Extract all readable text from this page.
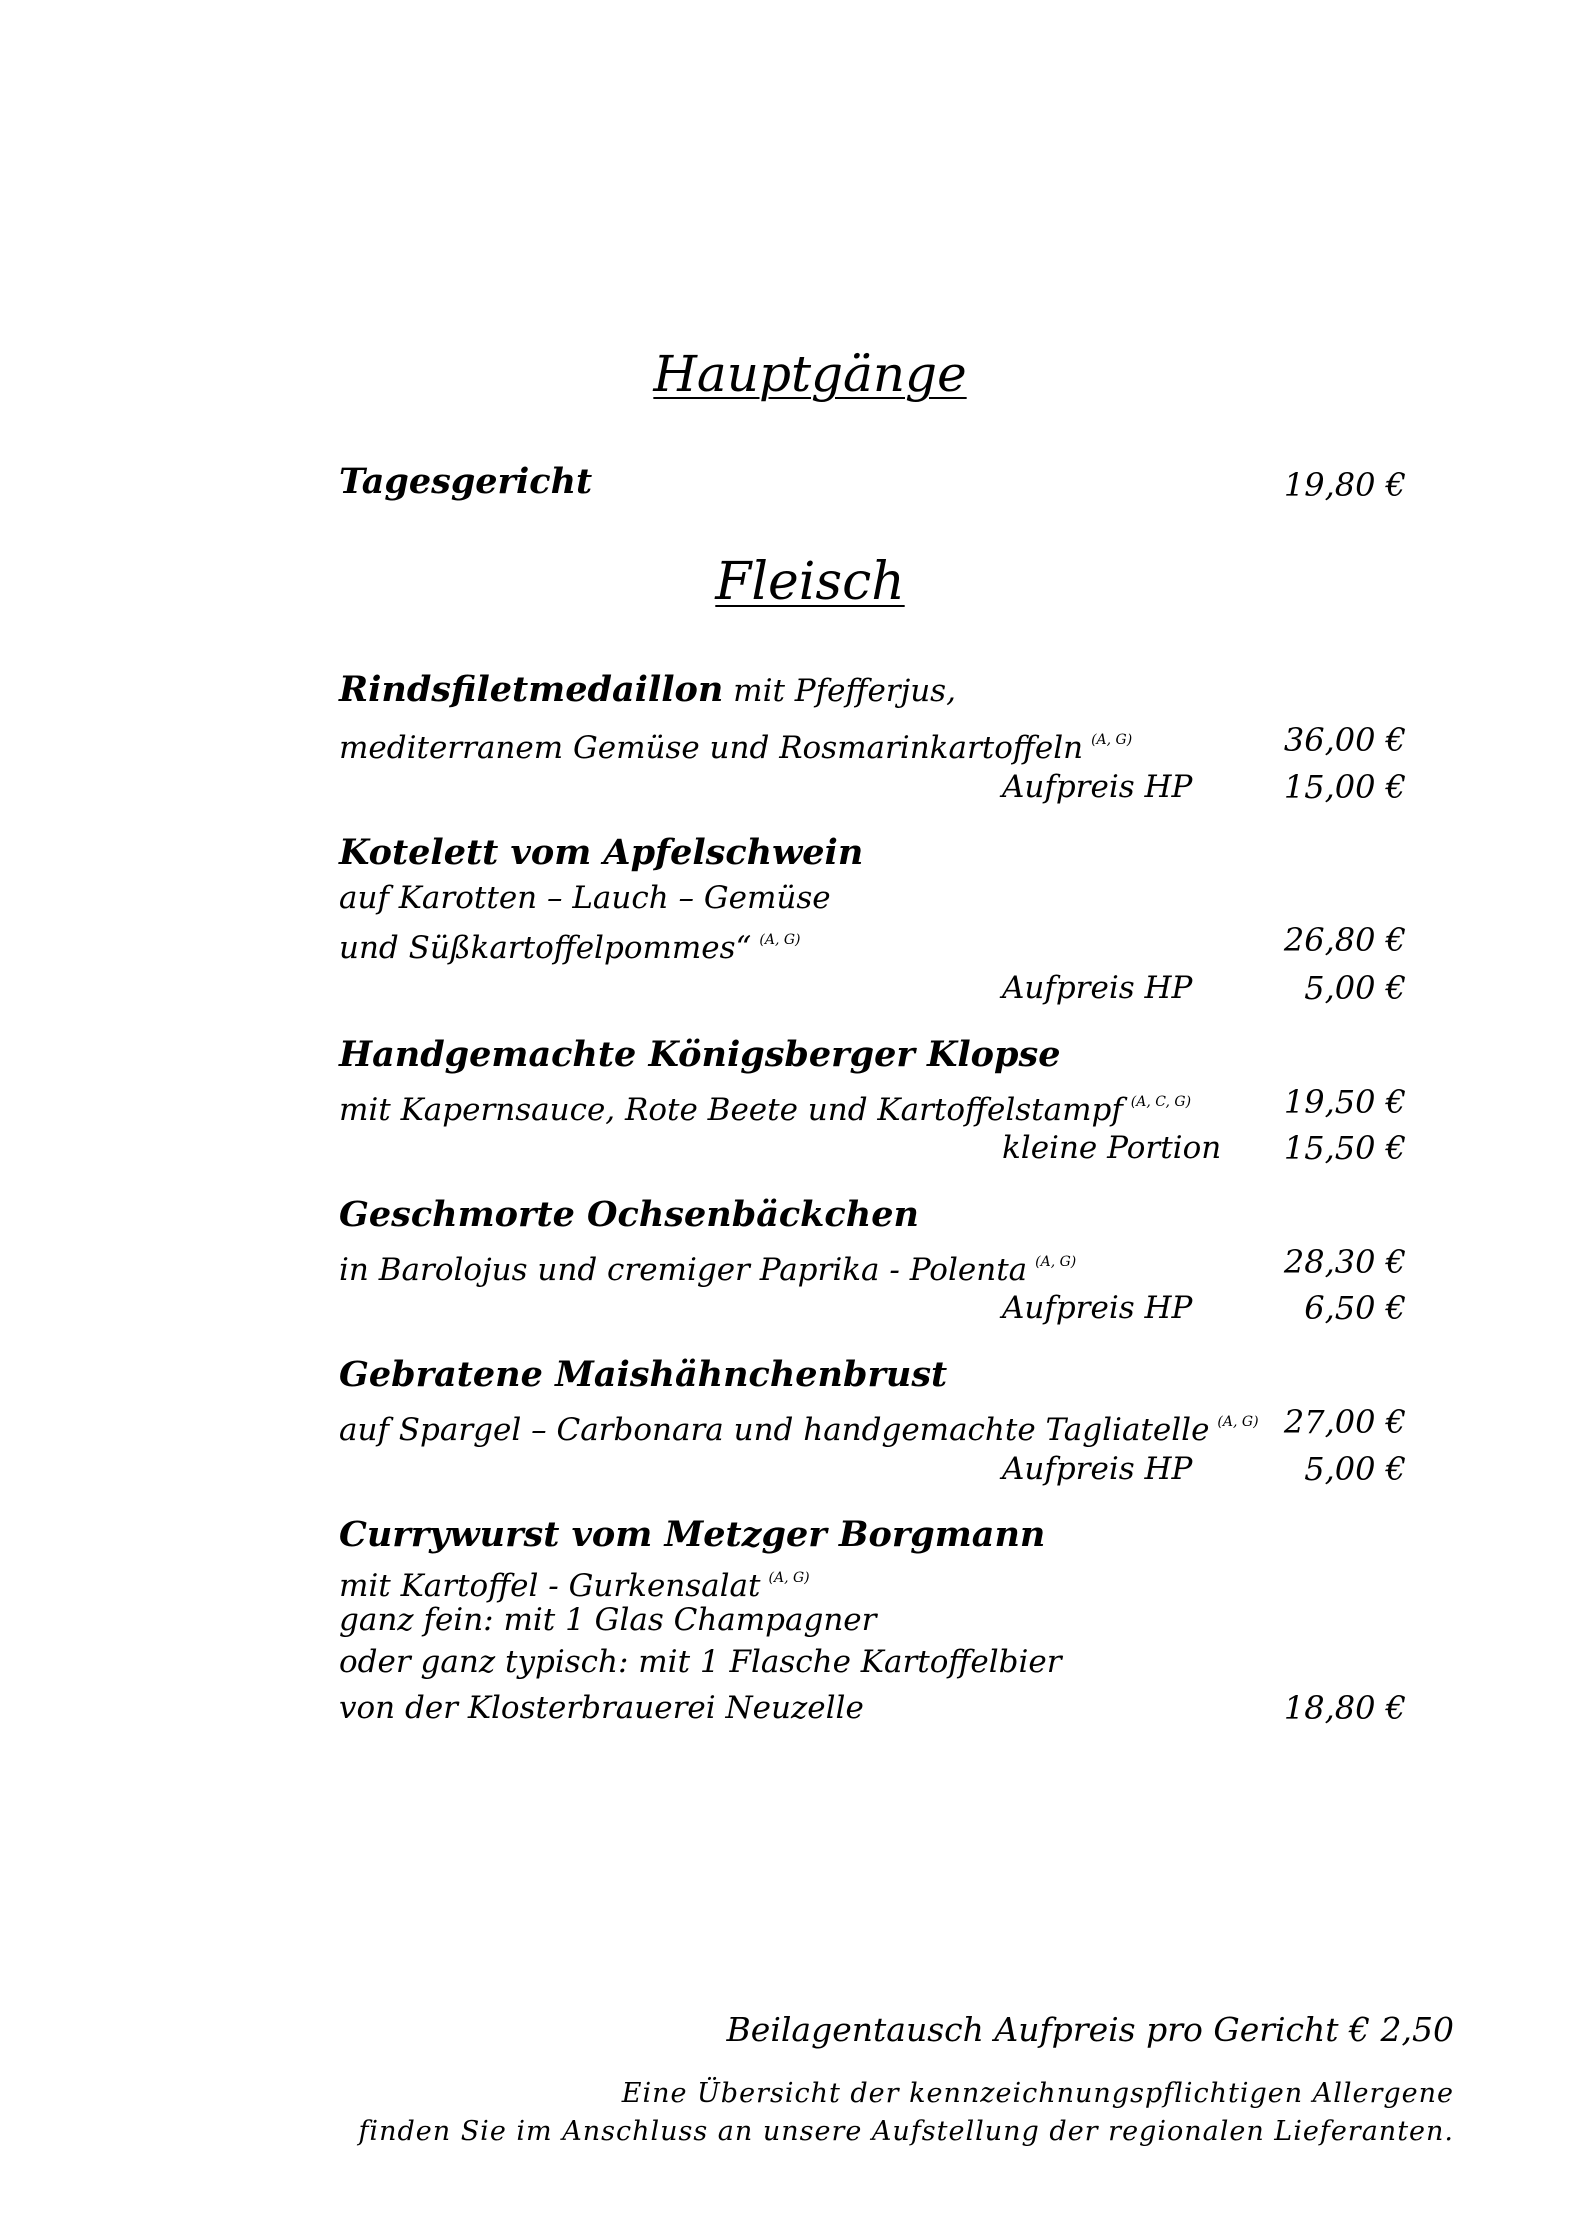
Hauptgänge
Tagesgericht	19,80 €
Fleisch
Rindsfiletmedaillon mit Pfefferjus,
mediterranem Gemüse und Rosmarinkartoffeln $^{(A, G)}$	36,00 €
Aufpreis HP	15,00 €
Kotelett vom Apfelschwein
auf Karotten – Lauch – Gemüse
und Süßkartoffelpommes“ $^{(A, G)}$	26,80 €
Aufpreis HP	5,00 €
Handgemachte Königsberger Klopse
mit Kapernsauce, Rote Beete und Kartoffelstampf $^{(A, C, G)}$	19,50 €
kleine Portion 15,50 €
Geschmorte Ochsenbäckchen
in Barolojus und cremiger Paprika - Polenta $^{(A, G)}$	28,30 €
Aufpreis HP	6,50 €
Gebratene Maishähnchenbrust
auf Spargel – Carbonara und handgemachte Tagliatelle $^{(A, G)}$ 27,00 €
Aufpreis HP	5,00 €
Currywurst vom Metzger Borgmann
mit Kartoffel - Gurkensalat $^{(A, G)}$
ganz fein: mit 1 Glas Champagner
oder ganz typisch: mit 1 Flasche Kartoffelbier
von der Klosterbrauerei Neuzelle	18,80 €
Beilagentausch Aufpreis pro Gericht € 2,50
Eine Übersicht der kennzeichnungspflichtigen Allergene
finden Sie im Anschluss an unsere Aufstellung der regionalen Lieferanten.
